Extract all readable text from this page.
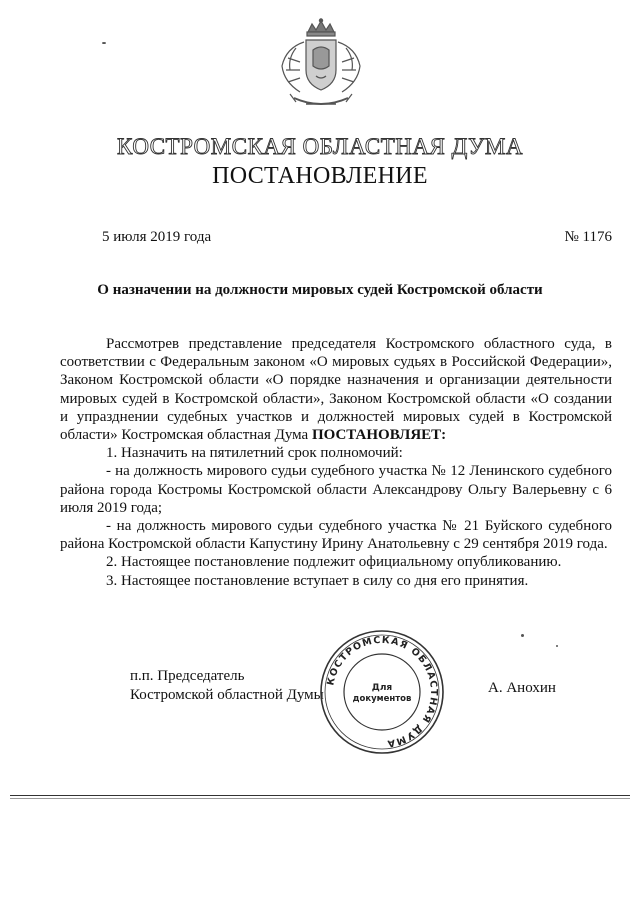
КОСТРОМСКАЯ ОБЛАСТНАЯ ДУМА
ПОСТАНОВЛЕНИЕ
5 июля 2019 года	№ 1176
О назначении на должности мировых судей Костромской области

Рассмотрев представление председателя Костромского областного суда, в соответствии с Федеральным законом «О мировых судьях в Российской Федерации», Законом Костромской области «О порядке назначения и организации деятельности мировых судей в Костромской области», Законом Костромской области «О создании и упразднении судебных участков и должностей мировых судей в Костромской области» Костромская областная Дума ПОСТАНОВЛЯЕТ:

1. Назначить на пятилетний срок полномочий:

- на должность мирового судьи судебного участка № 12 Ленинского судебного района города Костромы Костромской области Александрову Ольгу Валерьевну с 6 июля 2019 года;

- на должность мирового судьи судебного участка № 21 Буйского судебного района Костромской области Капустину Ирину Анатольевну с 29 сентября 2019 года.

2. Настоящее постановление подлежит официальному опубликованию.

3. Настоящее постановление вступает в силу со дня его принятия.

п.п. Председатель
Костромской областной Думы
КОСТРОМСКАЯ ОБЛАСТНАЯ ДУМА
Для
документов
А. Анохин
